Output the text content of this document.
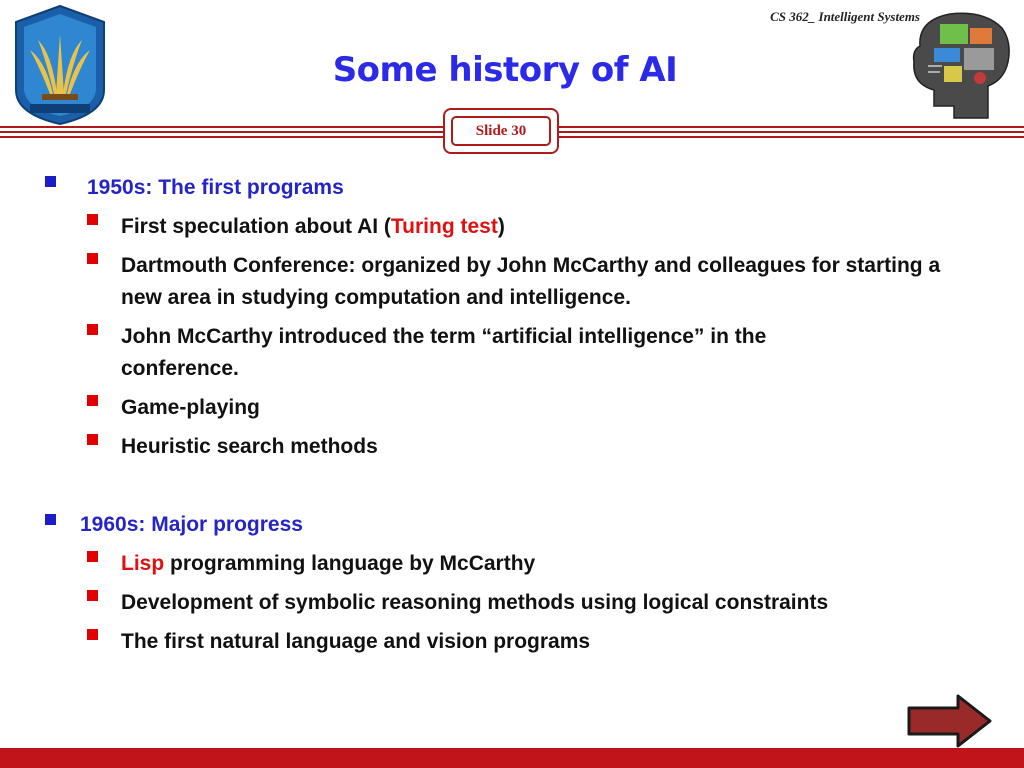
CS 362_ Intelligent Systems
Some history of AI
Slide 30
1950s: The first programs
First speculation about AI (Turing test)
Dartmouth Conference: organized by John McCarthy and colleagues for starting a new area in studying computation and intelligence.
John McCarthy introduced the term “artificial intelligence” in the conference.
Game-playing
Heuristic search methods
1960s: Major progress
Lisp programming language by McCarthy
Development of symbolic reasoning methods using logical constraints
The first natural language and vision programs
